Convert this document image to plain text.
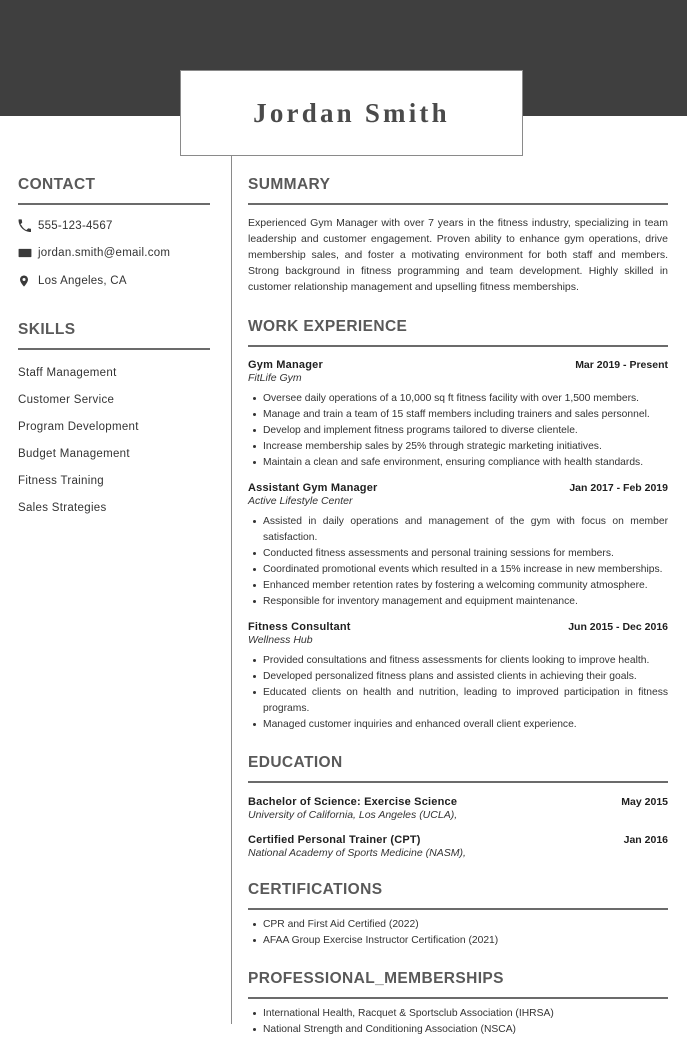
Jordan Smith
CONTACT
555-123-4567
jordan.smith@email.com
Los Angeles, CA
SKILLS
Staff Management
Customer Service
Program Development
Budget Management
Fitness Training
Sales Strategies
SUMMARY
Experienced Gym Manager with over 7 years in the fitness industry, specializing in team leadership and customer engagement. Proven ability to enhance gym operations, drive membership sales, and foster a motivating environment for both staff and members. Strong background in fitness programming and team development. Highly skilled in customer relationship management and upselling fitness memberships.
WORK EXPERIENCE
Gym Manager	Mar 2019 - Present
FitLife Gym
Oversee daily operations of a 10,000 sq ft fitness facility with over 1,500 members.
Manage and train a team of 15 staff members including trainers and sales personnel.
Develop and implement fitness programs tailored to diverse clientele.
Increase membership sales by 25% through strategic marketing initiatives.
Maintain a clean and safe environment, ensuring compliance with health standards.
Assistant Gym Manager	Jan 2017 - Feb 2019
Active Lifestyle Center
Assisted in daily operations and management of the gym with focus on member satisfaction.
Conducted fitness assessments and personal training sessions for members.
Coordinated promotional events which resulted in a 15% increase in new memberships.
Enhanced member retention rates by fostering a welcoming community atmosphere.
Responsible for inventory management and equipment maintenance.
Fitness Consultant	Jun 2015 - Dec 2016
Wellness Hub
Provided consultations and fitness assessments for clients looking to improve health.
Developed personalized fitness plans and assisted clients in achieving their goals.
Educated clients on health and nutrition, leading to improved participation in fitness programs.
Managed customer inquiries and enhanced overall client experience.
EDUCATION
Bachelor of Science: Exercise Science	May 2015
University of California, Los Angeles (UCLA),
Certified Personal Trainer (CPT)	Jan 2016
National Academy of Sports Medicine (NASM),
CERTIFICATIONS
CPR and First Aid Certified (2022)
AFAA Group Exercise Instructor Certification (2021)
PROFESSIONAL_MEMBERSHIPS
International Health, Racquet & Sportsclub Association (IHRSA)
National Strength and Conditioning Association (NSCA)
